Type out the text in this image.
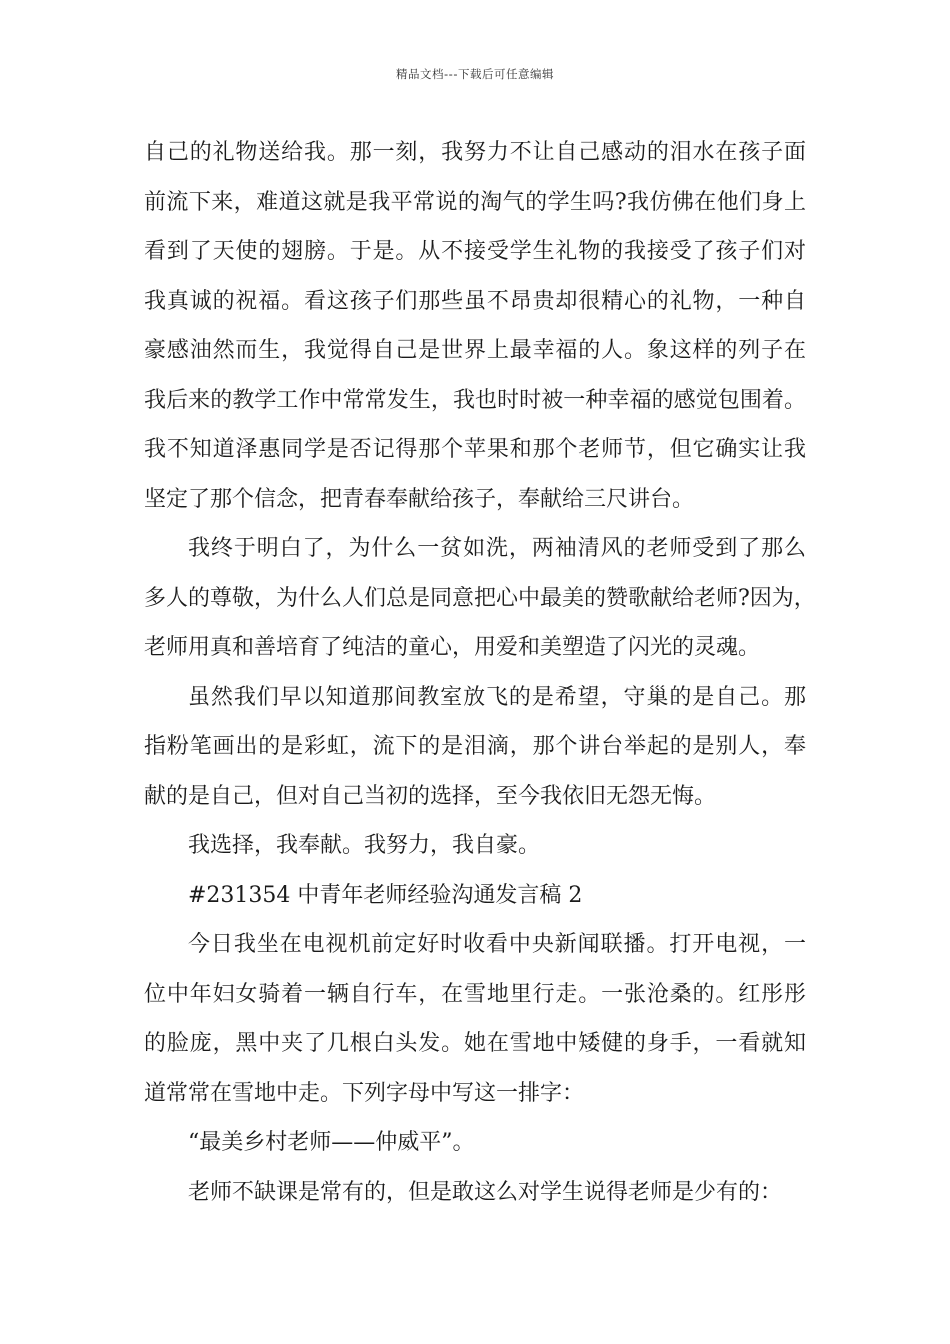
精品文档---下载后可任意编辑
自己的礼物送给我。那一刻，我努力不让自己感动的泪水在孩子面
前流下来，难道这就是我平常说的淘气的学生吗?我仿佛在他们身上
看到了天使的翅膀。于是。从不接受学生礼物的我接受了孩子们对
我真诚的祝福。看这孩子们那些虽不昂贵却很精心的礼物，一种自
豪感油然而生，我觉得自己是世界上最幸福的人。象这样的列子在
我后来的教学工作中常常发生，我也时时被一种幸福的感觉包围着。
我不知道泽惠同学是否记得那个苹果和那个老师节，但它确实让我
坚定了那个信念，把青春奉献给孩子，奉献给三尺讲台。
我终于明白了，为什么一贫如洗，两袖清风的老师受到了那么
多人的尊敬，为什么人们总是同意把心中最美的赞歌献给老师?因为，
老师用真和善培育了纯洁的童心，用爱和美塑造了闪光的灵魂。
虽然我们早以知道那间教室放飞的是希望，守巢的是自己。那
指粉笔画出的是彩虹，流下的是泪滴，那个讲台举起的是别人，奉
献的是自己，但对自己当初的选择，至今我依旧无怨无悔。
我选择，我奉献。我努力，我自豪。
#231354 中青年老师经验沟通发言稿 2
今日我坐在电视机前定好时收看中央新闻联播。打开电视，一
位中年妇女骑着一辆自行车，在雪地里行走。一张沧桑的。红彤彤
的脸庞，黑中夹了几根白头发。她在雪地中矮健的身手，一看就知
道常常在雪地中走。下列字母中写这一排字：
“最美乡村老师——仲威平”。
老师不缺课是常有的，但是敢这么对学生说得老师是少有的：
